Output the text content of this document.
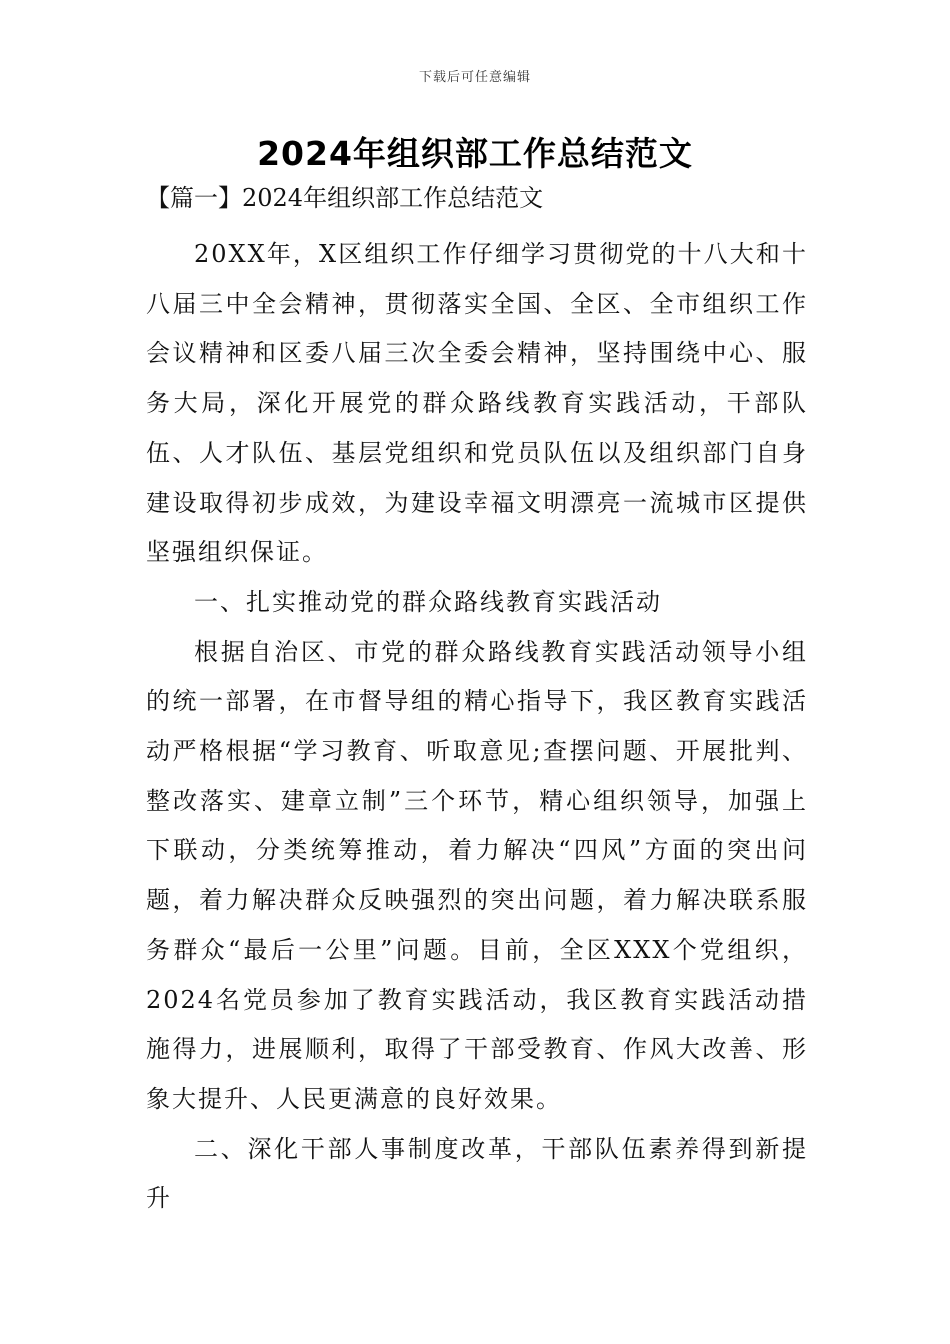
下载后可任意编辑
2024年组织部工作总结范文
【篇一】2024年组织部工作总结范文

20XX年，X区组织工作仔细学习贯彻党的十八大和十八届三中全会精神，贯彻落实全国、全区、全市组织工作会议精神和区委八届三次全委会精神，坚持围绕中心、服务大局，深化开展党的群众路线教育实践活动，干部队伍、人才队伍、基层党组织和党员队伍以及组织部门自身建设取得初步成效，为建设幸福文明漂亮一流城市区提供坚强组织保证。

一、扎实推动党的群众路线教育实践活动

根据自治区、市党的群众路线教育实践活动领导小组的统一部署，在市督导组的精心指导下，我区教育实践活动严格根据“学习教育、听取意见;查摆问题、开展批判、整改落实、建章立制”三个环节，精心组织领导，加强上下联动，分类统筹推动，着力解决“四风”方面的突出问题，着力解决群众反映强烈的突出问题，着力解决联系服务群众“最后一公里”问题。目前，全区XXX个党组织，2024名党员参加了教育实践活动，我区教育实践活动措施得力，进展顺利，取得了干部受教育、作风大改善、形象大提升、人民更满意的良好效果。

二、深化干部人事制度改革，干部队伍素养得到新提升
